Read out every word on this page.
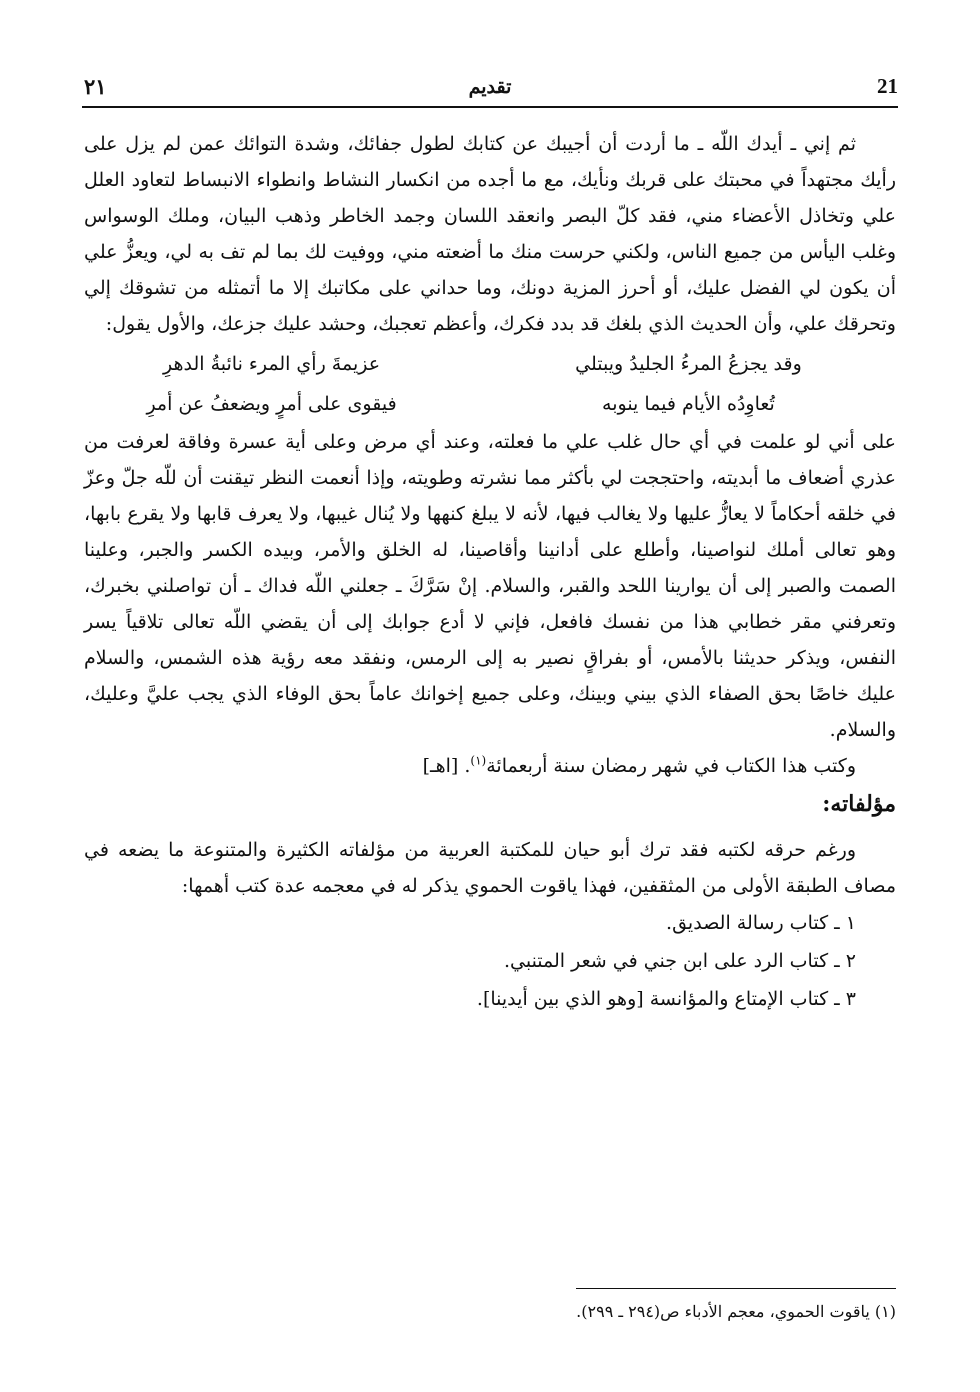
21
تقديم
٢١

ثم إني ـ أيدك اللّه ـ ما أردت أن أجيبك عن كتابك لطول جفائك، وشدة التوائك عمن لم يزل على رأيك مجتهداً في محبتك على قربك ونأيك، مع ما أجده من انكسار النشاط وانطواء الانبساط لتعاود العلل علي وتخاذل الأعضاء مني، فقد كلّ البصر وانعقد اللسان وجمد الخاطر وذهب البيان، وملك الوسواس وغلب اليأس من جميع الناس، ولكني حرست منك ما أضعته مني، ووفيت لك بما لم تف به لي، ويعزُّ علي أن يكون لي الفضل عليك، أو أحرز المزية دونك، وما حداني على مكاتبك إلا ما أتمثله من تشوقك إلي وتحرقك علي، وأن الحديث الذي بلغك قد بدد فكرك، وأعظم تعجبك، وحشد عليك جزعك، والأول يقول:

وقد يجزعُ المرءُ الجليدُ ويبتلي
عزيمةَ رأي المرء نائبةُ الدهرِ
تُعاوِدُه الأيام فيما ينوبه
فيقوى على أمرٍ ويضعفُ عن أمرِ

على أني لو علمت في أي حال غلب علي ما فعلته، وعند أي مرض وعلى أية عسرة وفاقة لعرفت من عذري أضعاف ما أبديته، واحتججت لي بأكثر مما نشرته وطويته، وإذا أنعمت النظر تيقنت أن للّه جلّ وعزّ في خلقه أحكاماً لا يعازُّ عليها ولا يغالب فيها، لأنه لا يبلغ كنهها ولا يُنال غيبها، ولا يعرف قابها ولا يقرع بابها، وهو تعالى أملك لنواصينا، وأطلع على أدانينا وأقاصينا، له الخلق والأمر، وبيده الكسر والجبر، وعلينا الصمت والصبر إلى أن يوارينا اللحد والقبر، والسلام. إنْ سَرَّكَ ـ جعلني اللّه فداك ـ أن تواصلني بخبرك، وتعرفني مقر خطابي هذا من نفسك فافعل، فإني لا أدع جوابك إلى أن يقضي اللّه تعالى تلاقياً يسر النفس، ويذكر حديثنا بالأمس، أو بفراقٍ نصير به إلى الرمس، ونفقد معه رؤية هذه الشمس، والسلام عليك خاصًا بحق الصفاء الذي بيني وبينك، وعلى جميع إخوانك عاماً بحق الوفاء الذي يجب عليَّ وعليك، والسلام.

وكتب هذا الكتاب في شهر رمضان سنة أربعمائة$^{(١)}$. [اهـ]

مؤلفاته:

ورغم حرقه لكتبه فقد ترك أبو حيان للمكتبة العربية من مؤلفاته الكثيرة والمتنوعة ما يضعه في مصاف الطبقة الأولى من المثقفين، فهذا ياقوت الحموي يذكر له في معجمه عدة كتب أهمها:

١ ـ كتاب رسالة الصديق.

٢ ـ كتاب الرد على ابن جني في شعر المتنبي.

٣ ـ كتاب الإمتاع والمؤانسة [وهو الذي بين أيدينا].

(١) ياقوت الحموي، معجم الأدباء ص(٢٩٤ ـ ٢٩٩).
